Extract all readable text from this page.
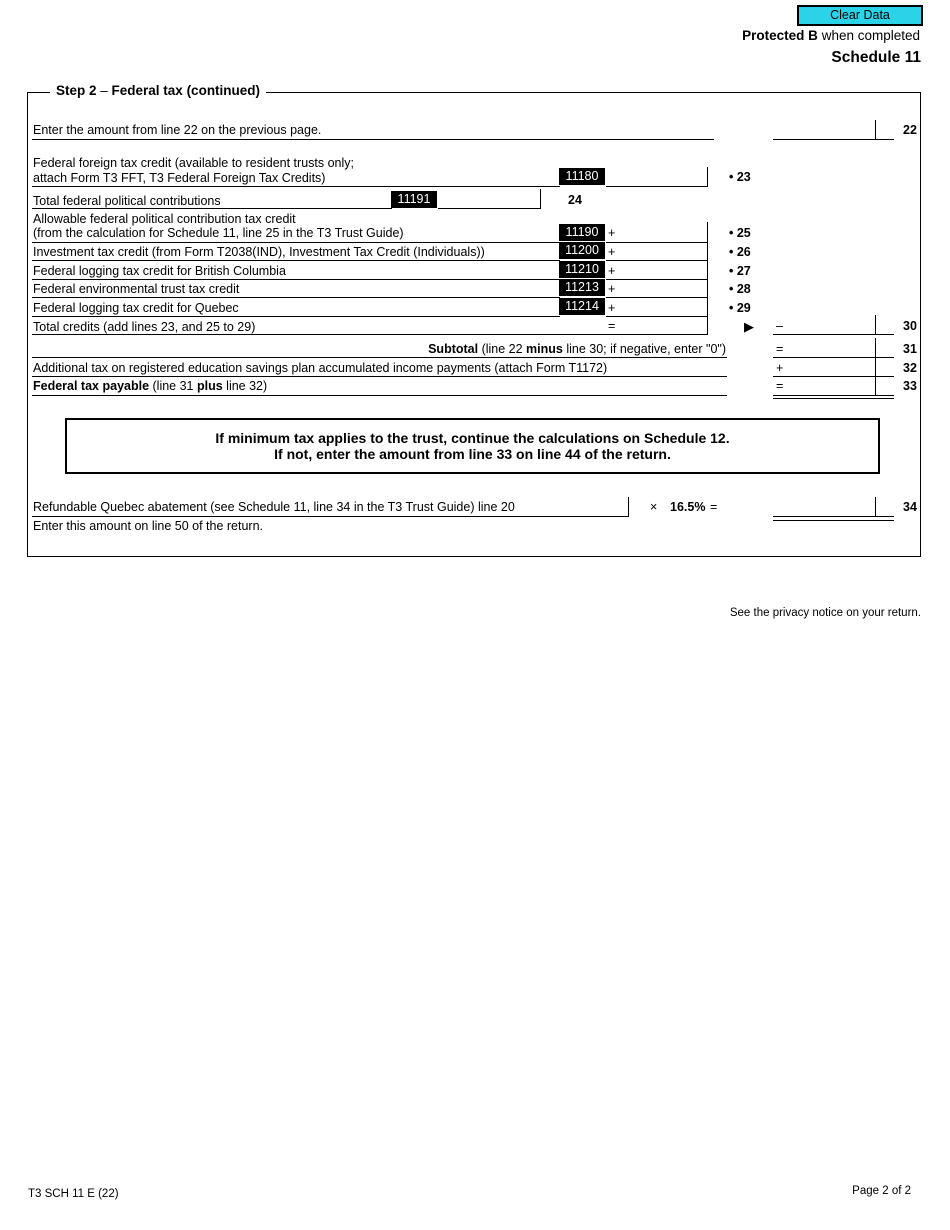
Clear Data
Protected B when completed
Schedule 11
Step 2 – Federal tax (continued)
Enter the amount from line 22 on the previous page.	22
Federal foreign tax credit (available to resident trusts only;
attach Form T3 FFT, T3 Federal Foreign Tax Credits)	11180	• 23
Total federal political contributions	11191	24
Allowable federal political contribution tax credit
(from the calculation for Schedule 11, line 25 in the T3 Trust Guide)	11190 +	• 25
Investment tax credit (from Form T2038(IND), Investment Tax Credit (Individuals))	11200 +	• 26
Federal logging tax credit for British Columbia	11210 +	• 27
Federal environmental trust tax credit	11213 +	• 28
Federal logging tax credit for Quebec	11214 +	• 29
Total credits (add lines 23, and 25 to 29)	=	▶ –	30
Subtotal (line 22 minus line 30; if negative, enter "0")	=	31
Additional tax on registered education savings plan accumulated income payments (attach Form T1172)	+	32
Federal tax payable (line 31 plus line 32)	=	33
If minimum tax applies to the trust, continue the calculations on Schedule 12.
If not, enter the amount from line 33 on line 44 of the return.
Refundable Quebec abatement (see Schedule 11, line 34 in the T3 Trust Guide) line 20	× 16.5% =	34
Enter this amount on line 50 of the return.
See the privacy notice on your return.
T3 SCH 11 E (22)	Page 2 of 2
